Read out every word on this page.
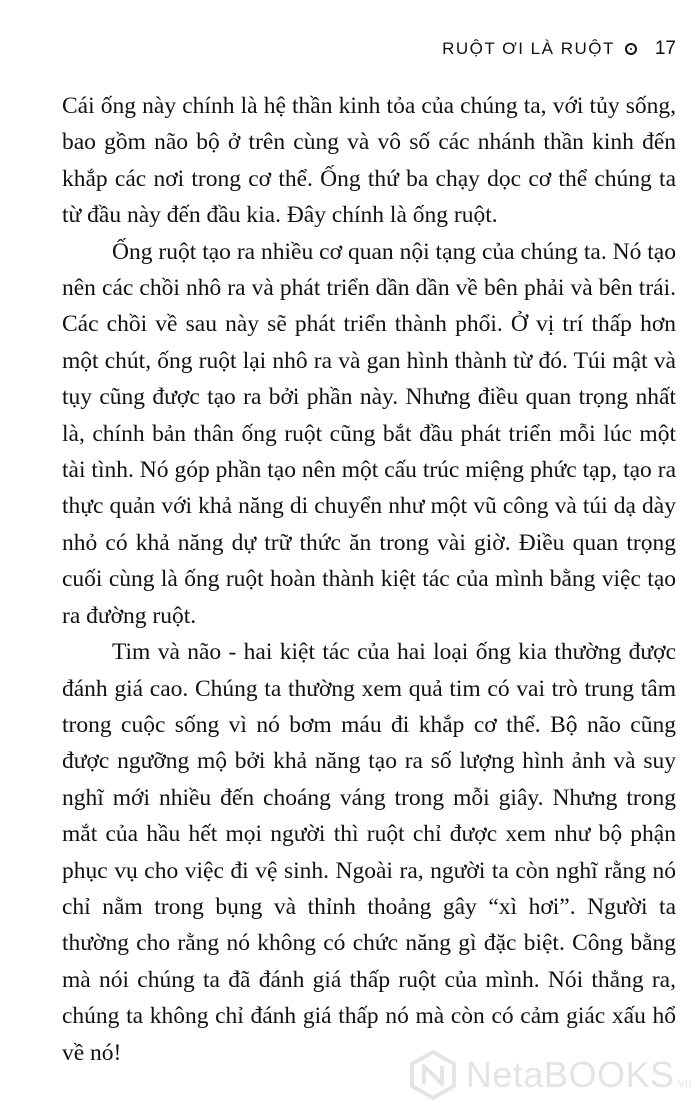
RUỘT ƠI LÀ RUỘT 17

Cái ống này chính là hệ thần kinh tỏa của chúng ta, với tủy sống, bao gồm não bộ ở trên cùng và vô số các nhánh thần kinh đến khắp các nơi trong cơ thể. Ống thứ ba chạy dọc cơ thể chúng ta từ đầu này đến đầu kia. Đây chính là ống ruột.

Ống ruột tạo ra nhiều cơ quan nội tạng của chúng ta. Nó tạo nên các chồi nhô ra và phát triển dần dần về bên phải và bên trái. Các chồi về sau này sẽ phát triển thành phổi. Ở vị trí thấp hơn một chút, ống ruột lại nhô ra và gan hình thành từ đó. Túi mật và tụy cũng được tạo ra bởi phần này. Nhưng điều quan trọng nhất là, chính bản thân ống ruột cũng bắt đầu phát triển mỗi lúc một tài tình. Nó góp phần tạo nên một cấu trúc miệng phức tạp, tạo ra thực quản với khả năng di chuyển như một vũ công và túi dạ dày nhỏ có khả năng dự trữ thức ăn trong vài giờ. Điều quan trọng cuối cùng là ống ruột hoàn thành kiệt tác của mình bằng việc tạo ra đường ruột.

Tim và não - hai kiệt tác của hai loại ống kia thường được đánh giá cao. Chúng ta thường xem quả tim có vai trò trung tâm trong cuộc sống vì nó bơm máu đi khắp cơ thể. Bộ não cũng được ngưỡng mộ bởi khả năng tạo ra số lượng hình ảnh và suy nghĩ mới nhiều đến choáng váng trong mỗi giây. Nhưng trong mắt của hầu hết mọi người thì ruột chỉ được xem như bộ phận phục vụ cho việc đi vệ sinh. Ngoài ra, người ta còn nghĩ rằng nó chỉ nằm trong bụng và thỉnh thoảng gây “xì hơi”. Người ta thường cho rằng nó không có chức năng gì đặc biệt. Công bằng mà nói chúng ta đã đánh giá thấp ruột của mình. Nói thẳng ra, chúng ta không chỉ đánh giá thấp nó mà còn có cảm giác xấu hổ về nó!

NetaBOOKS.vn
